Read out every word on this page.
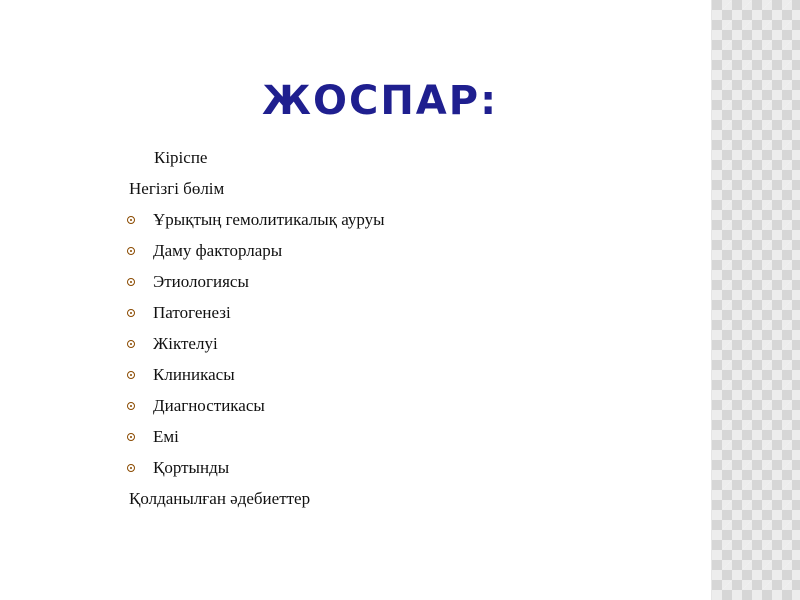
ЖОСПАР:
Кіріспе
Негізгі бөлім
Ұрықтың гемолитикалық ауруы
Даму факторлары
Этиологиясы
Патогенезі
Жіктелуі
Клиникасы
Диагностикасы
Емі
Қортынды
Қолданылған әдебиеттер
